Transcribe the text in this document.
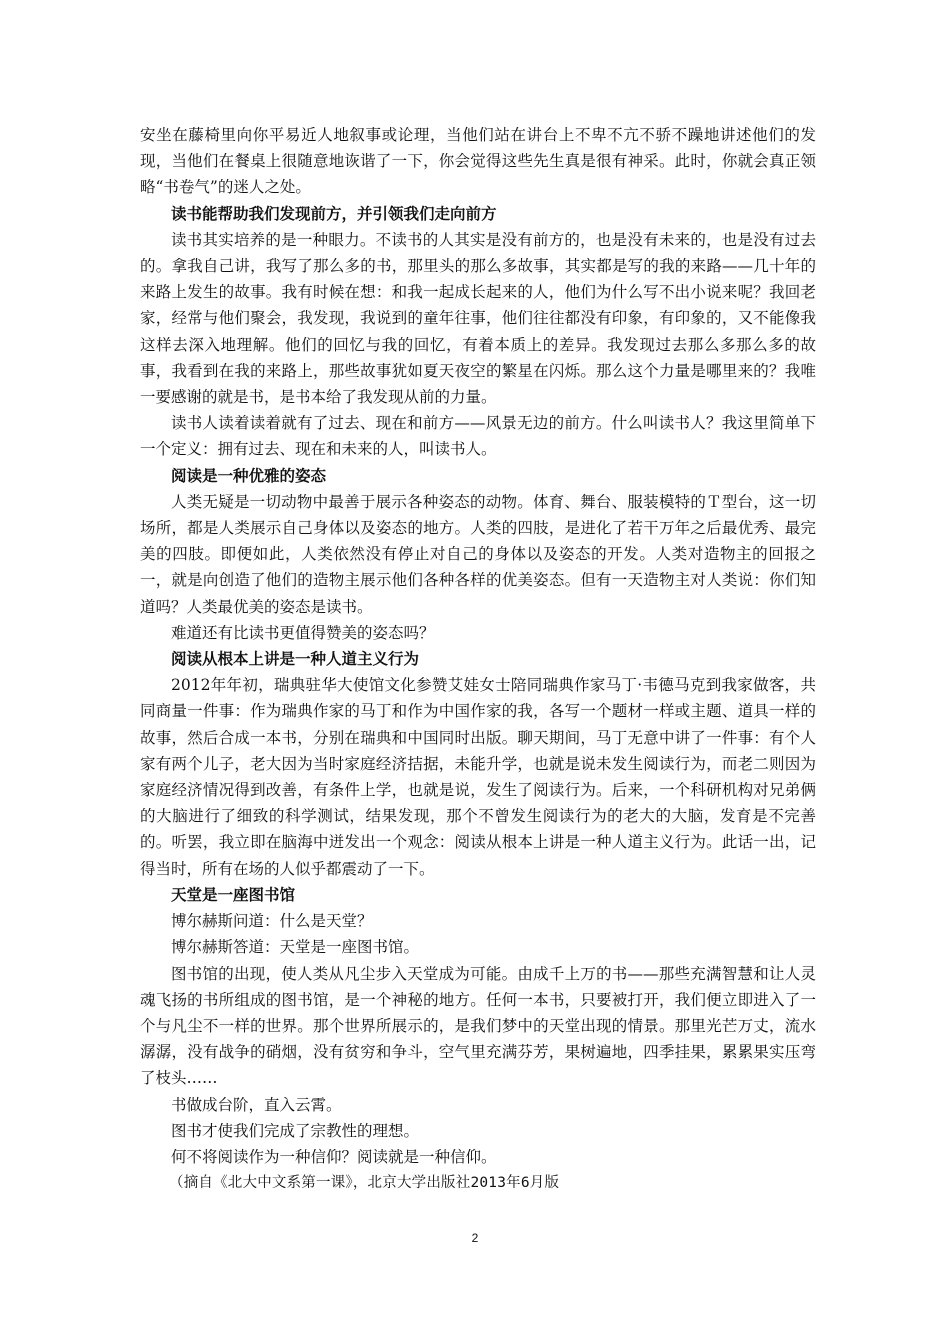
安坐在藤椅里向你平易近人地叙事或论理，当他们站在讲台上不卑不亢不骄不躁地讲述他们的发现，当他们在餐桌上很随意地诙谐了一下，你会觉得这些先生真是很有神采。此时，你就会真正领略“书卷气”的迷人之处。

读书能帮助我们发现前方，并引领我们走向前方

读书其实培养的是一种眼力。不读书的人其实是没有前方的，也是没有未来的，也是没有过去的。拿我自己讲，我写了那么多的书，那里头的那么多故事，其实都是写的我的来路——几十年的来路上发生的故事。我有时候在想：和我一起成长起来的人，他们为什么写不出小说来呢？我回老家，经常与他们聚会，我发现，我说到的童年往事，他们往往都没有印象，有印象的，又不能像我这样去深入地理解。他们的回忆与我的回忆，有着本质上的差异。我发现过去那么多那么多的故事，我看到在我的来路上，那些故事犹如夏天夜空的繁星在闪烁。那么这个力量是哪里来的？我唯一要感谢的就是书，是书本给了我发现从前的力量。

读书人读着读着就有了过去、现在和前方——风景无边的前方。什么叫读书人？我这里简单下一个定义：拥有过去、现在和未来的人，叫读书人。

阅读是一种优雅的姿态

人类无疑是一切动物中最善于展示各种姿态的动物。体育、舞台、服装模特的Ｔ型台，这一切场所，都是人类展示自己身体以及姿态的地方。人类的四肢，是进化了若干万年之后最优秀、最完美的四肢。即便如此，人类依然没有停止对自己的身体以及姿态的开发。人类对造物主的回报之一，就是向创造了他们的造物主展示他们各种各样的优美姿态。但有一天造物主对人类说：你们知道吗？人类最优美的姿态是读书。

难道还有比读书更值得赞美的姿态吗？

阅读从根本上讲是一种人道主义行为

2012年年初，瑞典驻华大使馆文化参赞艾娃女士陪同瑞典作家马丁·韦德马克到我家做客，共同商量一件事：作为瑞典作家的马丁和作为中国作家的我，各写一个题材一样或主题、道具一样的故事，然后合成一本书，分别在瑞典和中国同时出版。聊天期间，马丁无意中讲了一件事：有个人家有两个儿子，老大因为当时家庭经济拮据，未能升学，也就是说未发生阅读行为，而老二则因为家庭经济情况得到改善，有条件上学，也就是说，发生了阅读行为。后来，一个科研机构对兄弟俩的大脑进行了细致的科学测试，结果发现，那个不曾发生阅读行为的老大的大脑，发育是不完善的。听罢，我立即在脑海中迸发出一个观念：阅读从根本上讲是一种人道主义行为。此话一出，记得当时，所有在场的人似乎都震动了一下。

天堂是一座图书馆

博尔赫斯问道：什么是天堂？

博尔赫斯答道：天堂是一座图书馆。

图书馆的出现，使人类从凡尘步入天堂成为可能。由成千上万的书——那些充满智慧和让人灵魂飞扬的书所组成的图书馆，是一个神秘的地方。任何一本书，只要被打开，我们便立即进入了一个与凡尘不一样的世界。那个世界所展示的，是我们梦中的天堂出现的情景。那里光芒万丈，流水潺潺，没有战争的硝烟，没有贫穷和争斗，空气里充满芬芳，果树遍地，四季挂果，累累果实压弯了枝头……

书做成台阶，直入云霄。

图书才使我们完成了宗教性的理想。

何不将阅读作为一种信仰？阅读就是一种信仰。

（摘自《北大中文系第一课》，北京大学出版社2013年6月版

2
